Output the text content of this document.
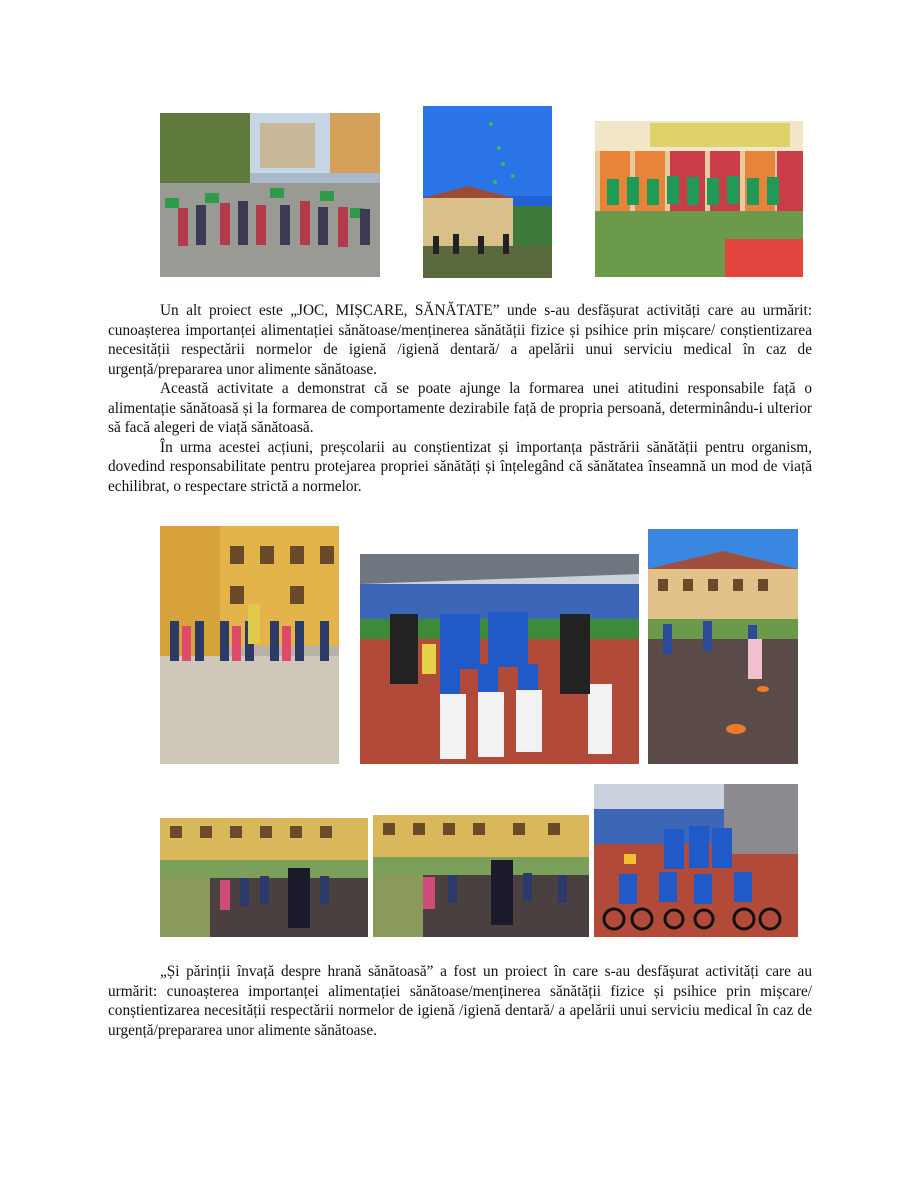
Un alt proiect este „JOC, MIȘCARE, SĂNĂTATE” unde s-au desfășurat activități care au urmărit: cunoașterea importanței alimentației sănătoase/menținerea sănătății fizice și psihice prin mișcare/ conștientizarea necesității respectării normelor de igienă /igienă dentară/ a apelării unui serviciu medical în caz de urgență/prepararea unor alimente sănătoase.

Această activitate a demonstrat că se poate ajunge la formarea unei atitudini responsabile față o alimentație sănătoasă și la formarea de comportamente dezirabile față de propria persoană, determinându-i ulterior să facă alegeri de viață sănătoasă.

În urma acestei acțiuni, preșcolarii au conștientizat și importanța păstrării sănătății pentru organism, dovedind responsabilitate pentru protejarea propriei sănătăți și înțelegând că sănătatea înseamnă un mod de viață echilibrat, o respectare strictă a normelor.

„Și părinții învață despre hrană sănătoasă” a fost un proiect în care s-au desfășurat activități care au urmărit: cunoașterea importanței alimentației sănătoase/menținerea sănătății fizice și psihice prin mișcare/ conștientizarea necesității respectării normelor de igienă /igienă dentară/ a apelării unui serviciu medical în caz de urgență/prepararea unor alimente sănătoase.
